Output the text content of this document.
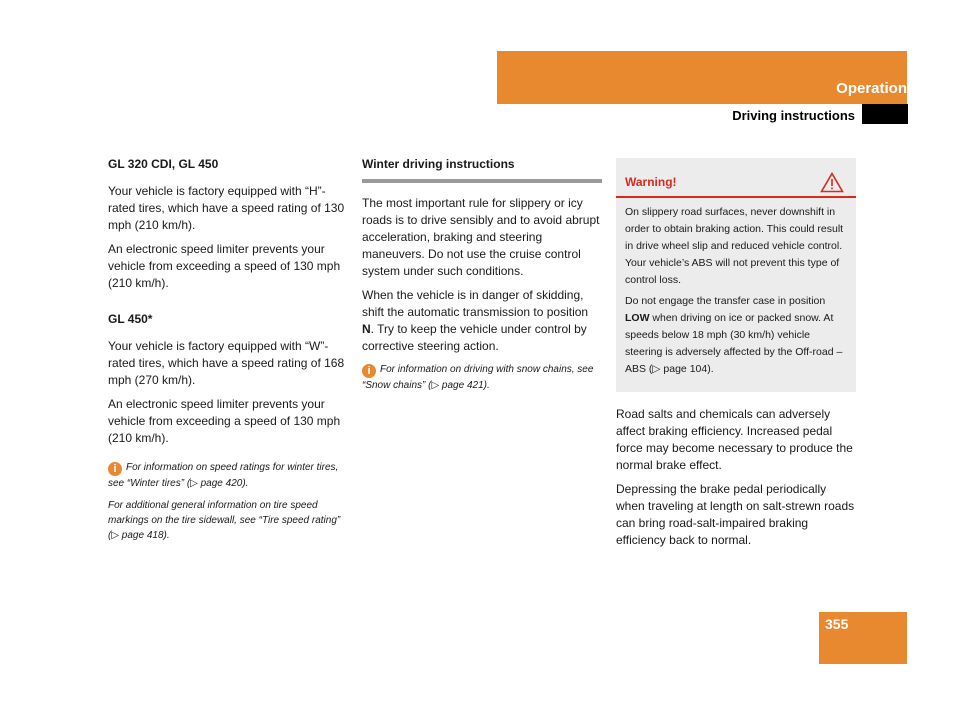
Operation
Driving instructions
GL 320 CDI, GL 450

Your vehicle is factory equipped with “H”-rated tires, which have a speed rating of 130 mph (210 km/h).

An electronic speed limiter prevents your vehicle from exceeding a speed of 130 mph (210 km/h).

GL 450*

Your vehicle is factory equipped with “W”-rated tires, which have a speed rating of 168 mph (270 km/h).

An electronic speed limiter prevents your vehicle from exceeding a speed of 130 mph (210 km/h).

i For information on speed ratings for winter tires, see “Winter tires” (▷ page 420).

For additional general information on tire speed markings on the tire sidewall, see “Tire speed rating” (▷ page 418).

Winter driving instructions

The most important rule for slippery or icy roads is to drive sensibly and to avoid abrupt acceleration, braking and steering maneuvers. Do not use the cruise control system under such conditions.

When the vehicle is in danger of skidding, shift the automatic transmission to position N. Try to keep the vehicle under control by corrective steering action.

i For information on driving with snow chains, see “Snow chains” (▷ page 421).

Warning!

On slippery road surfaces, never downshift in order to obtain braking action. This could result in drive wheel slip and reduced vehicle control. Your vehicle’s ABS will not prevent this type of control loss.

Do not engage the transfer case in position LOW when driving on ice or packed snow. At speeds below 18 mph (30 km/h) vehicle steering is adversely affected by the Off-road – ABS (▷ page 104).

Road salts and chemicals can adversely affect braking efficiency. Increased pedal force may become necessary to produce the normal brake effect.

Depressing the brake pedal periodically when traveling at length on salt-strewn roads can bring road-salt-impaired braking efficiency back to normal.

355
